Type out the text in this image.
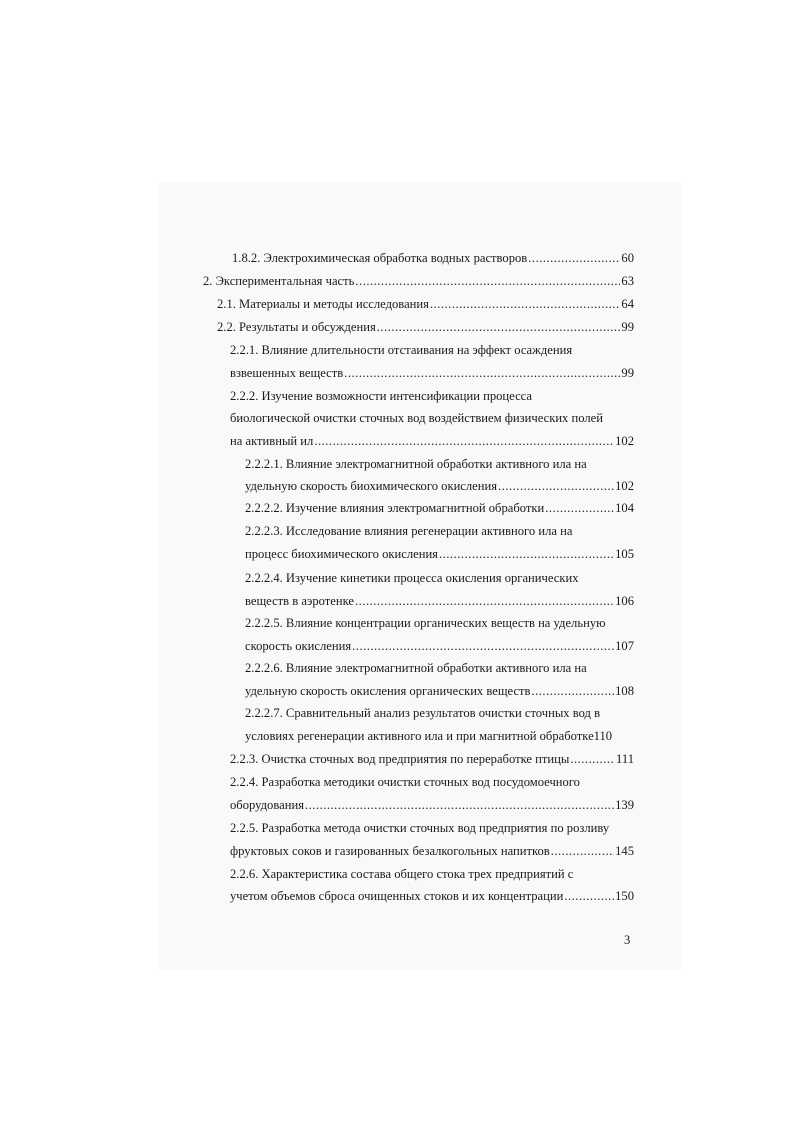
1.8.2. Электрохимическая обработка водных растворов .....	60
2. Экспериментальная часть .....	63
2.1. Материалы и методы исследования .....	64
2.2. Результаты и обсуждения .....	99
2.2.1. Влияние длительности отстаивания на эффект осаждения
взвешенных веществ .....	99
2.2.2. Изучение возможности интенсификации процесса
биологической очистки сточных вод воздействием физических полей
на активный ил .....	102
2.2.2.1. Влияние электромагнитной обработки активного ила на
удельную скорость биохимического окисления .....	102
2.2.2.2. Изучение влияния электромагнитной обработки .....	104
2.2.2.3. Исследование влияния регенерации активного ила на
процесс биохимического окисления .....	105
2.2.2.4. Изучение кинетики процесса окисления органических
веществ в аэротенке .....	106
2.2.2.5. Влияние концентрации органических веществ на удельную
скорость окисления .....	107
2.2.2.6. Влияние электромагнитной обработки активного ила на
удельную скорость окисления органических веществ .....	108
2.2.2.7. Сравнительный анализ результатов очистки сточных вод в
условиях регенерации активного ила и при магнитной обработке 110
2.2.3. Очистка сточных вод предприятия по переработке птицы .....	111
2.2.4. Разработка методики очистки сточных вод посудомоечного
оборудования .....	139
2.2.5. Разработка метода очистки сточных вод предприятия по розливу
фруктовых соков и газированных безалкогольных напитков .....	145
2.2.6. Характеристика состава общего стока трех предприятий с
учетом объемов сброса очищенных стоков и их концентрации .....	150
3
